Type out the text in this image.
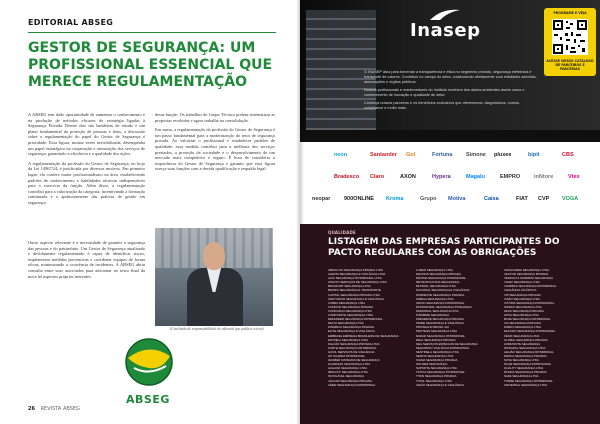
EDITORIAL ABSEG
GESTOR DE SEGURANÇA: UM PROFISSIONAL ESSENCIAL QUE MERECE REGULAMENTAÇÃO

A ABSEG tem dado oportunidade de aumentar o conhecimento e na produção de métodos eficazes de estratégia ligadas à Segurança Privada. Dentre elas são bandeiras de estudo e um plano fundamental da proteção de pessoas e bens, a discussão sobre a regulamentação do papel do Gestor de Segurança é prioridade. Essa figura, muitas vezes invisibilizada, desempenha um papel estratégico na cooperação e otimização dos serviços de segurança, garantindo a eficiência e a qualidade dos ações.

A regulamentação da profissão do Gestor de Segurança, no bojo da Lei 14967/24, é justificada por diversos motivos. Em primeiro lugar, ela confere maior profissionalismo na área, estabelecendo padrões de conhecimento e habilidades técnicas indispensáveis para o exercício da função. Além disso, a regulamentação contribui para a valorização da categoria, incentivando a formação continuada e o aprimoramento das práticas de gestão em segurança.

Outro aspecto relevante é a necessidade de garantir a segurança das pessoas e do patrimônio. Um Gestor de Segurança atualizado e devidamente regulamentado é capaz de identificar riscos, implementar medidas preventivas e coordenar equipes de forma eficaz, minimizando a ocorrência de incidentes. A ABSEG abriu consulta entre seus associados para adicionar no texto final da nova lei aspectos próprios inerentes

dessa função. Os trabalhos do Grupo Técnico podem sistematizar as propostas recebidas e agora trabalha na consolidação.

Em suma, a regulamentação da profissão do Gestor de Segurança é um passo fundamental para a modernização do setor de segurança privada. Ao valorizar o profissional e estabelecer padrões de qualidade, essa medida contribui para a melhoria dos serviços prestados, a proteção da sociedade e o desenvolvimento de um mercado mais competitivo e seguro. É hora de considerar a importância do Gestor de Segurança e garantir que essa figura exerça suas funções com a devida qualificação e respaldo legal.

(Conclusão de responsabilidade do editorial que publica o texto)
ABSEG
26 REVISTA ABSEG
Inasep
PROGRAME E VEJA
ACESSE NOSSO CATÁLOGO DE PARCEIROS E PARCERIAS

O INASEP atua para fomentar a transparência e ética no segmento privado, segurança eletrônica e transporte de valores. Contribuir no campo do setor, colaborando diretamente com entidades setoriais, associações e órgãos públicos.

Nossos profissionais e mantenedores do Instituto recebem dos dados ambientes assim como o conhecimento de inovação e qualidade de setor.

Conheça nossos parceiros e os benefícios exclusivos que oferecemos: diagnósticos, cursos, compliance e muito mais.

neon	Santander Gol	Fortuna Simone pluxee	bipit	CBS
Bradesco Claro	AXON	Hypera	Magalu	EMPRO	inNtore	Vtex
neopar 900ONLINE Kroma	Grupo Motiva	Caixa	FIAT CVP VOGA
QUALIDADE
LISTAGEM DAS EMPRESAS PARTICIPANTES DO PACTO REGULARES COM AS OBRIGAÇÕES
ABSOLUTA SEGURANÇA PRIVADA LTDA
ALERTA SEGURANÇA E VIGILÂNCIA LTDA
ALFA SEGURANÇA PATRIMONIAL LTDA
ATENTO SERVIÇOS DE SEGURANÇA LTDA
BRASFORT SEGURANÇA LTDA
BRINKS SEGURANÇA E TRANSPORTE
CAPITAL SEGURANÇA PRIVADA LTDA
CENTURION SEGURANÇA E VIGILÂNCIA
COBRA SEGURANÇA LTDA
CONDOR SEGURANÇA PRIVADA
CONFIANÇA SEGURANÇA LTDA
CORPORATE SEGURANÇA LTDA
DEFENDER SEGURANÇA PATRIMONIAL
DELTA SEGURANÇA LTDA
DINÂMICA SEGURANÇA PRIVADA
ELITE SEGURANÇA E VIGILÂNCIA
EMBRASE EMPRESA BRASILEIRA DE SEGURANÇA
ESTRELA SEGURANÇA LTDA
FALCÃO SEGURANÇA PRIVADA LTDA
FORTE SEGURANÇA PATRIMONIAL
GOCIL SERVIÇOS DE VIGILÂNCIA
GP GUARDA PATRIMONIAL
GRABER SISTEMAS DE SEGURANÇA
GUARDIAN SEGURANÇA LTDA
HAGANÁ SEGURANÇA LTDA
IMPACTO SEGURANÇA LTDA
INVIOLÁVEL SEGURANÇA
JAGUAR SEGURANÇA PRIVADA
LÍDER SEGURANÇA PATRIMONIAL
LUMAN SEGURANÇA LTDA
MAGNUS SEGURANÇA PRIVADA
MÁXIMA SEGURANÇA PATRIMONIAL
METROPOLITANA SEGURANÇA
MUNDIAL SEGURANÇA LTDA
NACIONAL SEGURANÇA E VIGILÂNCIA
NORDESTE SEGURANÇA PRIVADA
OMEGA SEGURANÇA LTDA
ORION SEGURANÇA PATRIMONIAL
PATRIMONIAL SEGURANÇA INTEGRADA
PERSONAL SEGURANÇA LTDA
PIRÂMIDE SEGURANÇA
PRESERVE SEGURANÇA PRIVADA
PRIME SEGURANÇA E VIGILÂNCIA
PROSEGUR BRASIL S/A
PROTEGE SEGURANÇA LTDA
RADAR SEGURANÇA PATRIMONIAL
REAL SEGURANÇA PRIVADA
SEG SERVIÇOS ESPECIAIS DE SEGURANÇA
SEGURPRO VIGILÂNCIA PATRIMONIAL
SENTINELA SEGURANÇA LTDA
SERVIS SEGURANÇA LTDA
SIGMA SEGURANÇA PRIVADA
SOLIDEZ SEGURANÇA
SUPORTE SEGURANÇA LTDA
TÁTICA SEGURANÇA PATRIMONIAL
TITAN SEGURANÇA PRIVADA
TOTAL SEGURANÇA LTDA
UNIÃO SEGURANÇA E VIGILÂNCIA
VANGUARDA SEGURANÇA LTDA
VECTOR SEGURANÇA PRIVADA
VERZANI & SANDRINI SEGURANÇA
VIGEX SEGURANÇA LTDA
VIGIBRAS SEGURANÇA PATRIMONIAL
VIGILÂNCIA ATLÂNTICA
VIP SEGURANÇA PRIVADA
VISÃO SEGURANÇA LTDA
VITÓRIA SEGURANÇA PATRIMONIAL
WORLD SEGURANÇA LTDA
ZEUS SEGURANÇA PRIVADA
ATIVA SEGURANÇA LTDA
BASE SEGURANÇA PATRIMONIAL
CIA SEGURANÇA PRIVADA
DIRETA SEGURANÇA LTDA
ESCUDO SEGURANÇA PATRIMONIAL
FÊNIX SEGURANÇA LTDA
GLOBAL SEGURANÇA PRIVADA
HORIZONTE SEGURANÇA
INTEGRAL SEGURANÇA LTDA
LEGIÃO SEGURANÇA PATRIMONIAL
MARCA SEGURANÇA PRIVADA
NOVA SEGURANÇA LTDA
PILAR SEGURANÇA PATRIMONIAL
QUALITY SEGURANÇA LTDA
RONDA SEGURANÇA PRIVADA
SAFE SEGURANÇA LTDA
TORRE SEGURANÇA PATRIMONIAL
UNIVERSAL SEGURANÇA LTDA
